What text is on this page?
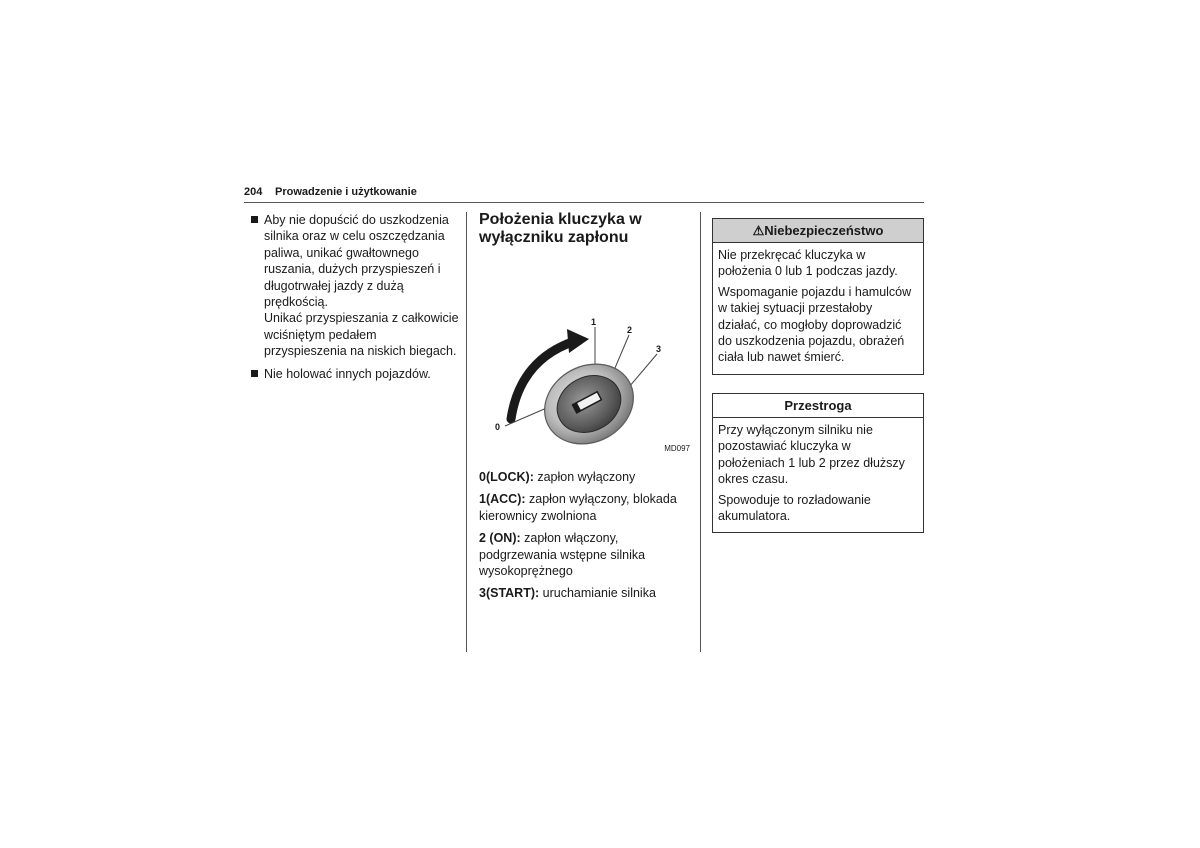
204 Prowadzenie i użytkowanie

Aby nie dopuścić do uszkodzenia silnika oraz w celu oszczędzania paliwa, unikać gwałtownego ruszania, dużych przyspieszeń i długotrwałej jazdy z dużą prędkością.

Unikać przyspieszania z całkowicie wciśniętym pedałem przyspieszenia na niskich biegach.

Nie holować innych pojazdów.

Położenia kluczyka w wyłączniku zapłonu
0
1
2
3
MD097

0(LOCK): zapłon wyłączony

1(ACC): zapłon wyłączony, blokada kierownicy zwolniona

2 (ON): zapłon włączony, podgrzewania wstępne silnika wysokoprężnego

3(START): uruchamianie silnika

⚠Niebezpieczeństwo

Nie przekręcać kluczyka w położenia 0 lub 1 podczas jazdy.

Wspomaganie pojazdu i hamulców w takiej sytuacji przestałoby działać, co mogłoby doprowadzić do uszkodzenia pojazdu, obrażeń ciała lub nawet śmierć.

Przestroga

Przy wyłączonym silniku nie pozostawiać kluczyka w położeniach 1 lub 2 przez dłuższy okres czasu.

Spowoduje to rozładowanie akumulatora.
